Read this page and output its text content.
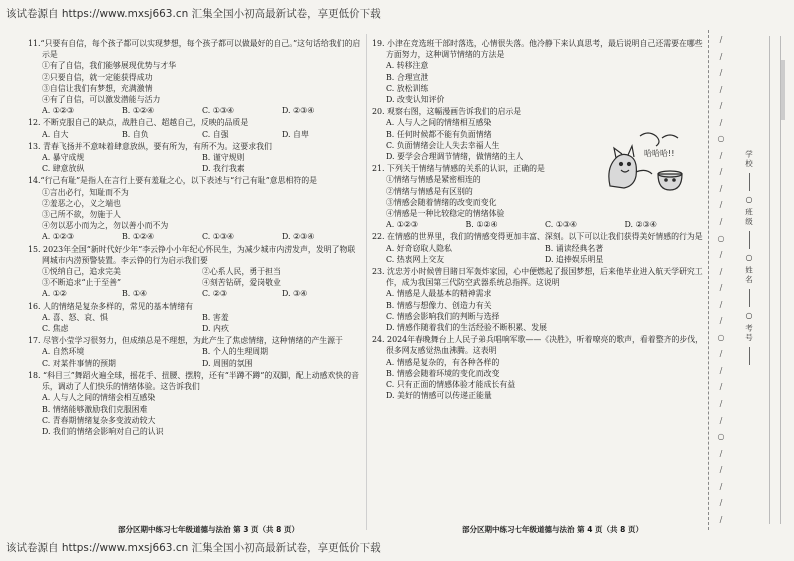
该试卷源自 https://www.mxsj663.cn 汇集全国小初高最新试卷，享更低价下载
11.“只要有自信，每个孩子都可以实现梦想，每个孩子都可以做最好的自己。”这句话给我们的启示是
①有了自信，我们能够展现优势与才华
②只要自信，就一定能获得成功
③自信让我们有梦想，充满激情
④有了自信，可以激发潜能与活力
A. ①②③	B. ①②④	C. ①③④	D. ②③④
12. 不断克服自己的缺点，战胜自己、超越自己，反映的品质是
A. 自大	B. 自负	C. 自强	D. 自卑
13. 青春飞扬并不意味着肆意放纵，要有所为，有所不为。这要求我们
A. 暴守成规	B. 谨守规则
C. 肆意放纵	D. 我行我素
14.“行己有耻”是指人在言行上要有羞耻之心，以下表述与“行己有耻”意思相符的是
①言出必行，知耻而不为
②羞恶之心，义之端也
③己所不欲，勿施于人
④勿以恶小而为之，勿以善小而不为
A. ①②③	B. ①②④	C. ①③④	D. ②③④
15. 2023年全国“新时代好少年”李云铮小小年纪心怀民生，为减少城市内涝发声，发明了物联网城市内涝预警装置。李云铮的行为启示我们要
①悦纳自己，追求完美	②心系人民，勇于担当
③不断追求“止于至善”	④刻苦钻研，爱岗敬业
A. ①②	B. ①④	C. ②③	D. ③④
16. 人的情绪是复杂多样的，常见的基本情绪有
A. 喜、怒、哀、惧	B. 害羞
C. 焦虑	D. 内疚
17. 尽管小莹学习很努力，但成绩总是不理想，为此产生了焦虑情绪，这种情绪的产生源于
A. 自然环境	B. 个人的生理周期
C. 对某件事情的预期	D. 周围的氛围
18. “科目三”舞蹈火遍全球，摇花手、扭腰、摆胯，还有“半蹲不蹲”的双脚，配上动感欢快的音乐，调动了人们快乐的情绪体验。这告诉我们
A. 人与人之间的情绪会相互感染
B. 情绪能够激励我们克服困难
C. 青春期情绪复杂多变波动较大
D. 我们的情绪会影响对自己的认识
部分区期中练习七年级道德与法治 第 3 页（共 8 页）
19. 小津在竞选班干部时落选，心情很失落。他冷静下来认真思考，最后说明自己还需要在哪些方面努力，这种调节情绪的方法是
A. 转移注意
B. 合理宣泄
C. 放松训练
D. 改变认知评价
20. 观察右图，这幅漫画告诉我们的启示是
A. 人与人之间的情绪相互感染
B. 任何时候都不能有负面情绪
C. 负面情绪会让人失去幸福人生
D. 要学会合理调节情绪，做情绪的主人
21. 下列关于情绪与情感的关系的认识，正确的是
①情绪与情感是紧密相连的
②情绪与情感是有区别的
③情感会随着情绪的改变而变化
④情感是一种比较稳定的情绪体验
A. ①②③	B. ①②④	C. ①③④	D. ②③④
22. 在情感的世界里，我们的情感变得更加丰富、深刻。以下可以让我们获得美好情感的行为是
A. 好奇窃取人隐私	B. 诵读经典名著
C. 热衷网上交友	D. 追捧娱乐明星
23. 沈忠芳小时候曾目睹日军轰炸家园，心中便燃起了报国梦想，后来他毕业进入航天学研究工作，成为我国第三代防空武器系统总指挥。这说明
A. 情感是人最基本的精神需求
B. 情感与想像力、创造力有关
C. 情感会影响我们的判断与选择
D. 情感作随着我们的生活经验不断积累、发展
24. 2024年春晚舞台上人民子弟兵唱响军歌——《决胜》，听着嘹亮的歌声，看着整齐的步伐，很多网友感觉热血沸腾。这表明
A. 情感是复杂的，有各种各样的
B. 情感会随着环境的变化而改变
C. 只有正面的情感体验才能成长有益
D. 美好的情感可以传递正能量
部分区期中练习七年级道德与法治 第 4 页（共 8 页）
哈哈哈!!
/
/
/
/
/
/
○
/
/
/
/
/
○
/
/
/
/
/
○
/
/
/
/
/
○
/
/
/
/
/
学校
○
班级
○
姓名
○
考号
该试卷源自 https://www.mxsj663.cn 汇集全国小初高最新试卷，享更低价下载
